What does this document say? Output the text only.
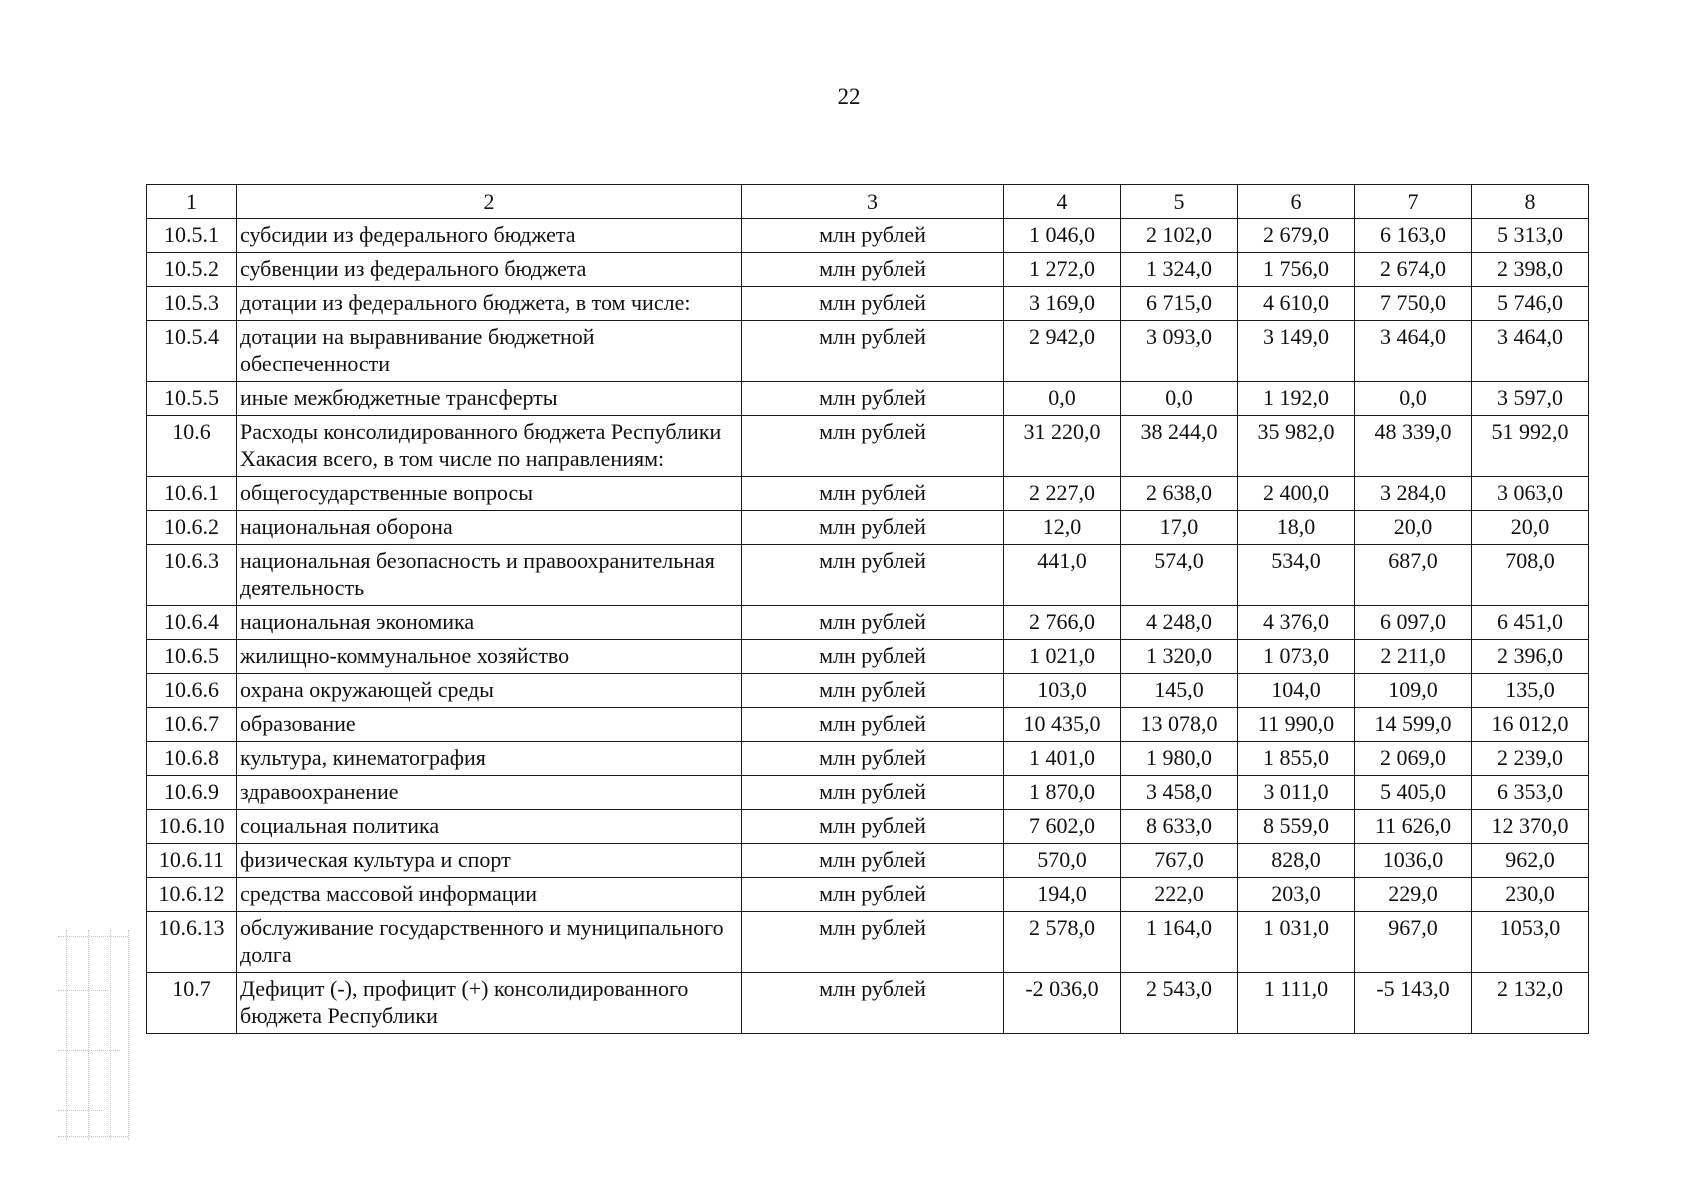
22
1	2	3	4	5	6	7	8
10.5.1	субсидии из федерального бюджета	млн рублей	1 046,0	2 102,0	2 679,0	6 163,0	5 313,0
10.5.2	субвенции из федерального бюджета	млн рублей	1 272,0	1 324,0	1 756,0	2 674,0	2 398,0
10.5.3	дотации из федерального бюджета, в том числе:	млн рублей	3 169,0	6 715,0	4 610,0	7 750,0	5 746,0
10.5.4	дотации на выравнивание бюджетной обеспеченности	млн рублей	2 942,0	3 093,0	3 149,0	3 464,0	3 464,0
10.5.5	иные межбюджетные трансферты	млн рублей	0,0	0,0	1 192,0	0,0	3 597,0
10.6	Расходы консолидированного бюджета Республики Хакасия всего, в том числе по направлениям:	млн рублей	31 220,0	38 244,0	35 982,0	48 339,0	51 992,0
10.6.1	общегосударственные вопросы	млн рублей	2 227,0	2 638,0	2 400,0	3 284,0	3 063,0
10.6.2	национальная оборона	млн рублей	12,0	17,0	18,0	20,0	20,0
10.6.3	национальная безопасность и правоохранительная деятельность	млн рублей	441,0	574,0	534,0	687,0	708,0
10.6.4	национальная экономика	млн рублей	2 766,0	4 248,0	4 376,0	6 097,0	6 451,0
10.6.5	жилищно-коммунальное хозяйство	млн рублей	1 021,0	1 320,0	1 073,0	2 211,0	2 396,0
10.6.6	охрана окружающей среды	млн рублей	103,0	145,0	104,0	109,0	135,0
10.6.7	образование	млн рублей	10 435,0	13 078,0	11 990,0	14 599,0	16 012,0
10.6.8	культура, кинематография	млн рублей	1 401,0	1 980,0	1 855,0	2 069,0	2 239,0
10.6.9	здравоохранение	млн рублей	1 870,0	3 458,0	3 011,0	5 405,0	6 353,0
10.6.10	социальная политика	млн рублей	7 602,0	8 633,0	8 559,0	11 626,0	12 370,0
10.6.11	физическая культура и спорт	млн рублей	570,0	767,0	828,0	1036,0	962,0
10.6.12	средства массовой информации	млн рублей	194,0	222,0	203,0	229,0	230,0
10.6.13	обслуживание государственного и муниципального долга	млн рублей	2 578,0	1 164,0	1 031,0	967,0	1053,0
10.7	Дефицит (-), профицит (+) консолидированного бюджета Республики	млн рублей	-2 036,0	2 543,0	1 111,0	-5 143,0	2 132,0
